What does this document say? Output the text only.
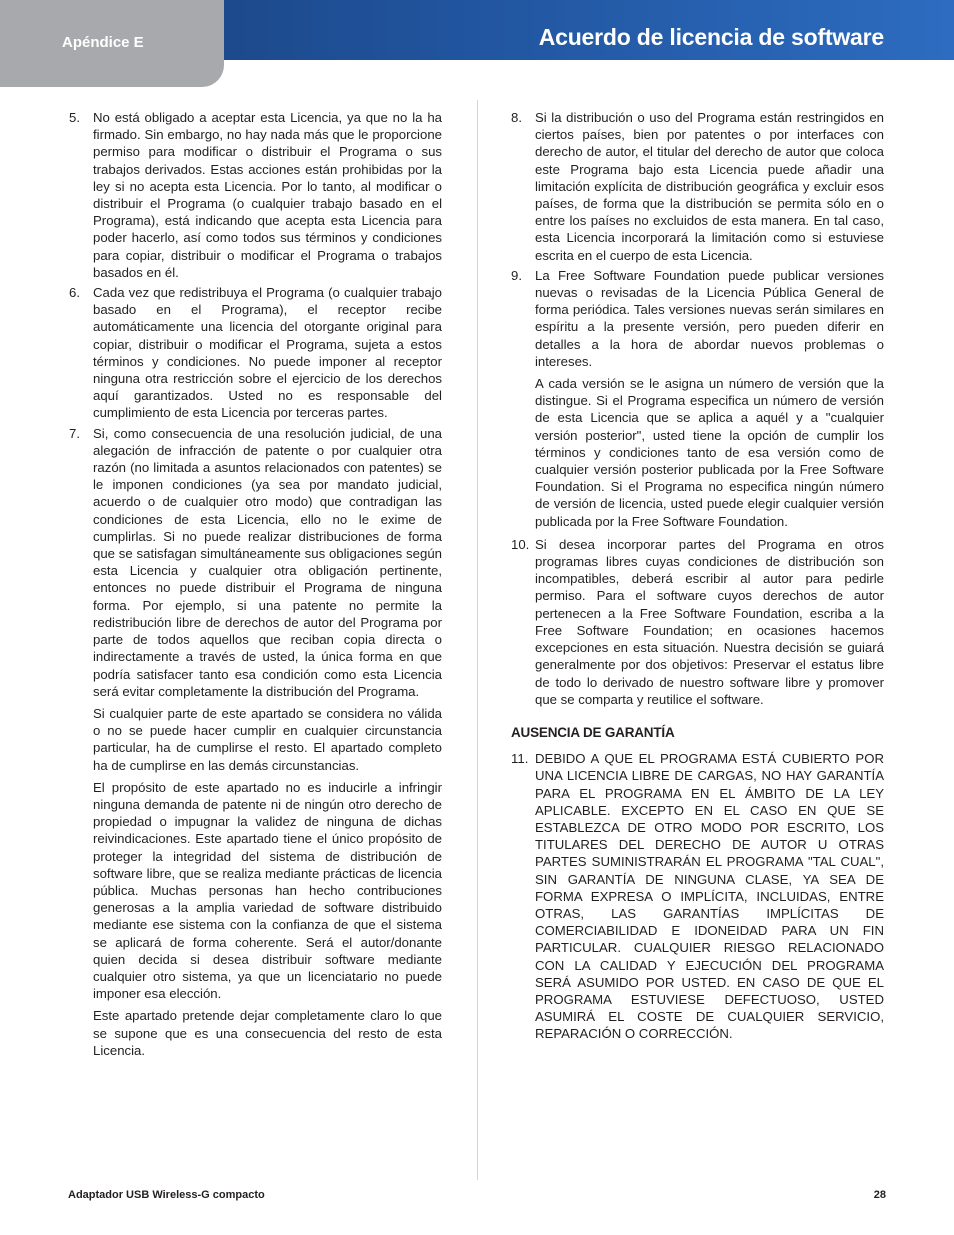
Apéndice E	Acuerdo de licencia de software
5. No está obligado a aceptar esta Licencia, ya que no la ha firmado. Sin embargo, no hay nada más que le proporcione permiso para modificar o distribuir el Programa o sus trabajos derivados. Estas acciones están prohibidas por la ley si no acepta esta Licencia. Por lo tanto, al modificar o distribuir el Programa (o cualquier trabajo basado en el Programa), está indicando que acepta esta Licencia para poder hacerlo, así como todos sus términos y condiciones para copiar, distribuir o modificar el Programa o trabajos basados en él.
6. Cada vez que redistribuya el Programa (o cualquier trabajo basado en el Programa), el receptor recibe automáticamente una licencia del otorgante original para copiar, distribuir o modificar el Programa, sujeta a estos términos y condiciones. No puede imponer al receptor ninguna otra restricción sobre el ejercicio de los derechos aquí garantizados. Usted no es responsable del cumplimiento de esta Licencia por terceras partes.
7. Si, como consecuencia de una resolución judicial, de una alegación de infracción de patente o por cualquier otra razón (no limitada a asuntos relacionados con patentes) se le imponen condiciones (ya sea por mandato judicial, acuerdo o de cualquier otro modo) que contradigan las condiciones de esta Licencia, ello no le exime de cumplirlas. Si no puede realizar distribuciones de forma que se satisfagan simultáneamente sus obligaciones según esta Licencia y cualquier otra obligación pertinente, entonces no puede distribuir el Programa de ninguna forma. Por ejemplo, si una patente no permite la redistribución libre de derechos de autor del Programa por parte de todos aquellos que reciban copia directa o indirectamente a través de usted, la única forma en que podría satisfacer tanto esa condición como esta Licencia será evitar completamente la distribución del Programa.
Si cualquier parte de este apartado se considera no válida o no se puede hacer cumplir en cualquier circunstancia particular, ha de cumplirse el resto. El apartado completo ha de cumplirse en las demás circunstancias.
El propósito de este apartado no es inducirle a infringir ninguna demanda de patente ni de ningún otro derecho de propiedad o impugnar la validez de ninguna de dichas reivindicaciones. Este apartado tiene el único propósito de proteger la integridad del sistema de distribución de software libre, que se realiza mediante prácticas de licencia pública. Muchas personas han hecho contribuciones generosas a la amplia variedad de software distribuido mediante ese sistema con la confianza de que el sistema se aplicará de forma coherente. Será el autor/donante quien decida si desea distribuir software mediante cualquier otro sistema, ya que un licenciatario no puede imponer esa elección.
Este apartado pretende dejar completamente claro lo que se supone que es una consecuencia del resto de esta Licencia.
8. Si la distribución o uso del Programa están restringidos en ciertos países, bien por patentes o por interfaces con derecho de autor, el titular del derecho de autor que coloca este Programa bajo esta Licencia puede añadir una limitación explícita de distribución geográfica y excluir esos países, de forma que la distribución se permita sólo en o entre los países no excluidos de esta manera. En tal caso, esta Licencia incorporará la limitación como si estuviese escrita en el cuerpo de esta Licencia.
9. La Free Software Foundation puede publicar versiones nuevas o revisadas de la Licencia Pública General de forma periódica. Tales versiones nuevas serán similares en espíritu a la presente versión, pero pueden diferir en detalles a la hora de abordar nuevos problemas o intereses.
A cada versión se le asigna un número de versión que la distingue. Si el Programa especifica un número de versión de esta Licencia que se aplica a aquél y a "cualquier versión posterior", usted tiene la opción de cumplir los términos y condiciones tanto de esa versión como de cualquier versión posterior publicada por la Free Software Foundation. Si el Programa no especifica ningún número de versión de licencia, usted puede elegir cualquier versión publicada por la Free Software Foundation.
10. Si desea incorporar partes del Programa en otros programas libres cuyas condiciones de distribución son incompatibles, deberá escribir al autor para pedirle permiso. Para el software cuyos derechos de autor pertenecen a la Free Software Foundation, escriba a la Free Software Foundation; en ocasiones hacemos excepciones en esta situación. Nuestra decisión se guiará generalmente por dos objetivos: Preservar el estatus libre de todo lo derivado de nuestro software libre y promover que se comparta y reutilice el software.
AUSENCIA DE GARANTÍA
11. DEBIDO A QUE EL PROGRAMA ESTÁ CUBIERTO POR UNA LICENCIA LIBRE DE CARGAS, NO HAY GARANTÍA PARA EL PROGRAMA EN EL ÁMBITO DE LA LEY APLICABLE. EXCEPTO EN EL CASO EN QUE SE ESTABLEZCA DE OTRO MODO POR ESCRITO, LOS TITULARES DEL DERECHO DE AUTOR U OTRAS PARTES SUMINISTRARÁN EL PROGRAMA "TAL CUAL", SIN GARANTÍA DE NINGUNA CLASE, YA SEA DE FORMA EXPRESA O IMPLÍCITA, INCLUIDAS, ENTRE OTRAS, LAS GARANTÍAS IMPLÍCITAS DE COMERCIABILIDAD E IDONEIDAD PARA UN FIN PARTICULAR. CUALQUIER RIESGO RELACIONADO CON LA CALIDAD Y EJECUCIÓN DEL PROGRAMA SERÁ ASUMIDO POR USTED. EN CASO DE QUE EL PROGRAMA ESTUVIESE DEFECTUOSO, USTED ASUMIRÁ EL COSTE DE CUALQUIER SERVICIO, REPARACIÓN O CORRECCIÓN.
Adaptador USB Wireless-G compacto	28
